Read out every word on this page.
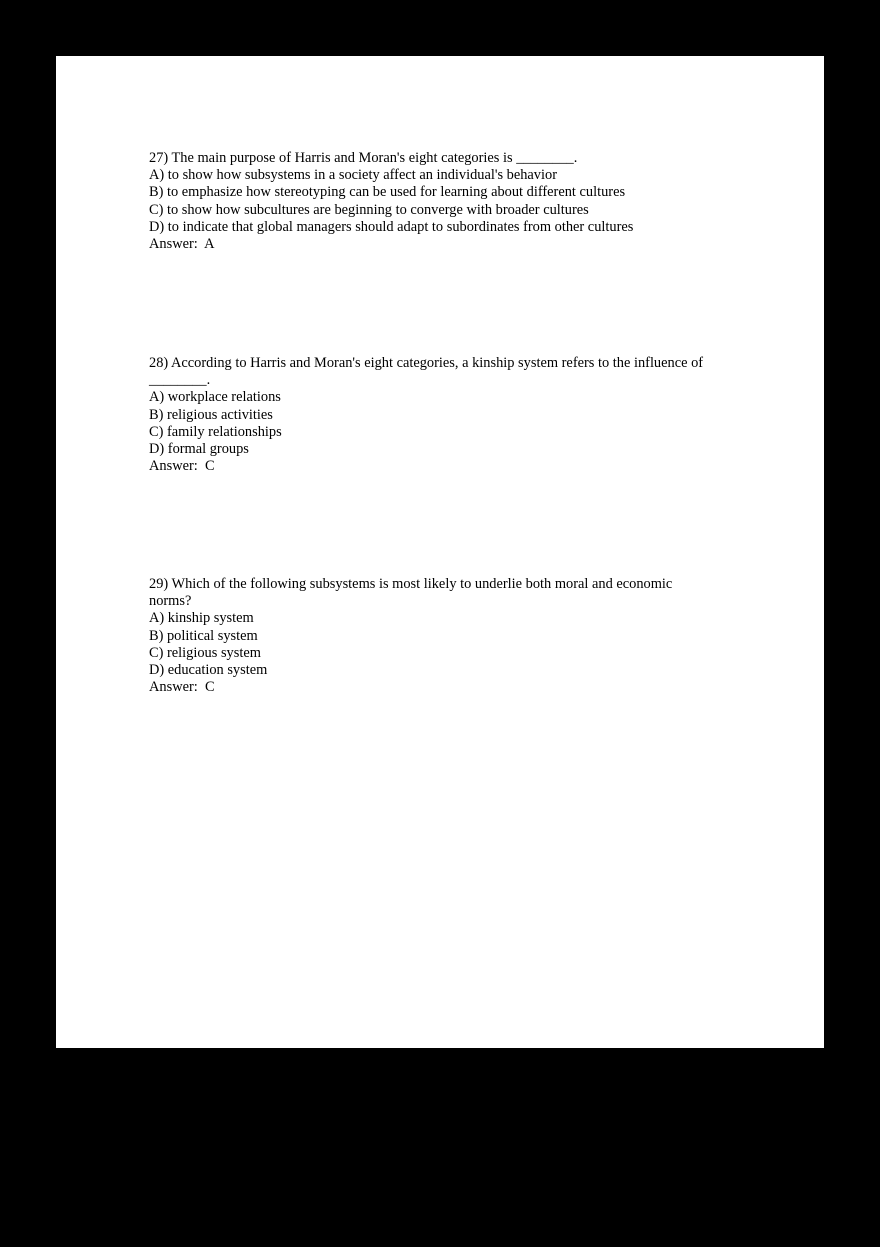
27) The main purpose of Harris and Moran's eight categories is ________.
A) to show how subsystems in a society affect an individual's behavior
B) to emphasize how stereotyping can be used for learning about different cultures
C) to show how subcultures are beginning to converge with broader cultures
D) to indicate that global managers should adapt to subordinates from other cultures
Answer:  A
28) According to Harris and Moran's eight categories, a kinship system refers to the influence of
________.
A) workplace relations
B) religious activities
C) family relationships
D) formal groups
Answer:  C
29) Which of the following subsystems is most likely to underlie both moral and economic
norms?
A) kinship system
B) political system
C) religious system
D) education system
Answer:  C
